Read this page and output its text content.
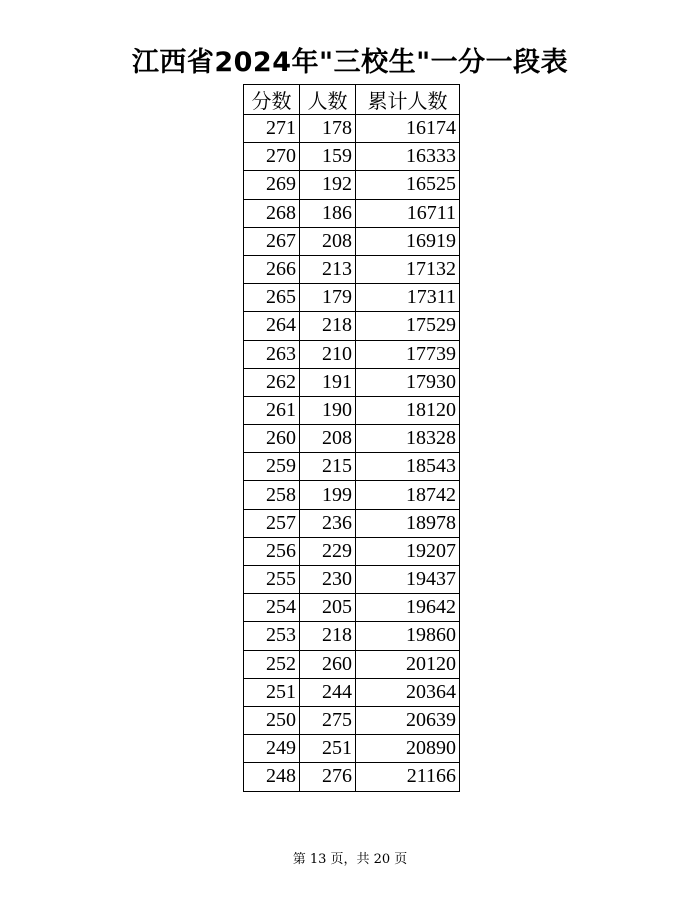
江西省2024年"三校生"一分一段表
分数	人数	累计人数
271	178	16174
270	159	16333
269	192	16525
268	186	16711
267	208	16919
266	213	17132
265	179	17311
264	218	17529
263	210	17739
262	191	17930
261	190	18120
260	208	18328
259	215	18543
258	199	18742
257	236	18978
256	229	19207
255	230	19437
254	205	19642
253	218	19860
252	260	20120
251	244	20364
250	275	20639
249	251	20890
248	276	21166
第 13 页，共 20 页
